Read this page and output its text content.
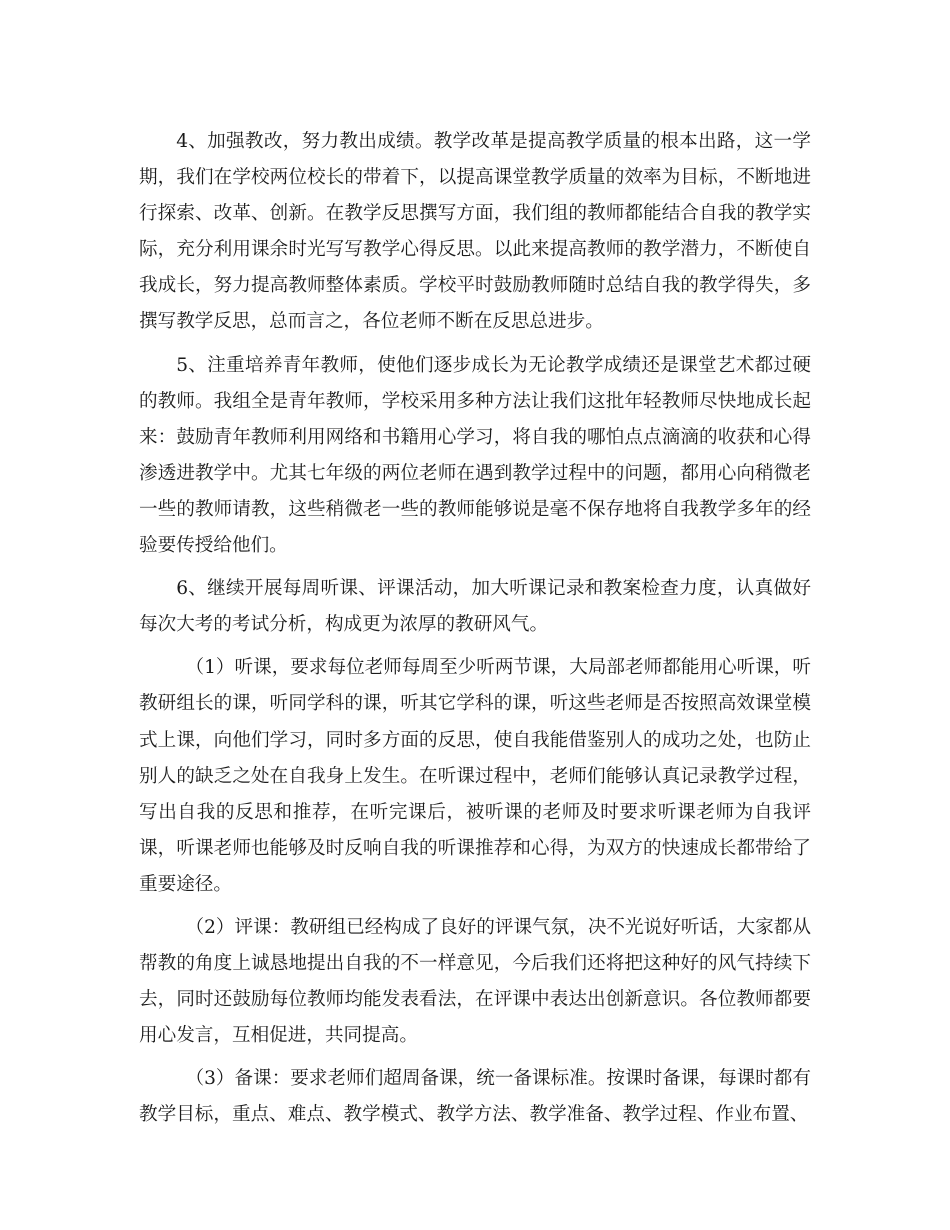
4、加强教改，努力教出成绩。教学改革是提高教学质量的根本出路，这一学期，我们在学校两位校长的带着下，以提高课堂教学质量的效率为目标，不断地进行探索、改革、创新。在教学反思撰写方面，我们组的教师都能结合自我的教学实际，充分利用课余时光写写教学心得反思。以此来提高教师的教学潜力，不断使自我成长，努力提高教师整体素质。学校平时鼓励教师随时总结自我的教学得失，多撰写教学反思，总而言之，各位老师不断在反思总进步。

5、注重培养青年教师，使他们逐步成长为无论教学成绩还是课堂艺术都过硬的教师。我组全是青年教师，学校采用多种方法让我们这批年轻教师尽快地成长起来：鼓励青年教师利用网络和书籍用心学习，将自我的哪怕点点滴滴的收获和心得渗透进教学中。尤其七年级的两位老师在遇到教学过程中的问题，都用心向稍微老一些的教师请教，这些稍微老一些的教师能够说是毫不保存地将自我教学多年的经验要传授给他们。

6、继续开展每周听课、评课活动，加大听课记录和教案检查力度，认真做好每次大考的考试分析，构成更为浓厚的教研风气。

（1）听课，要求每位老师每周至少听两节课，大局部老师都能用心听课，听教研组长的课，听同学科的课，听其它学科的课，听这些老师是否按照高效课堂模式上课，向他们学习，同时多方面的反思，使自我能借鉴别人的成功之处，也防止别人的缺乏之处在自我身上发生。在听课过程中，老师们能够认真记录教学过程，写出自我的反思和推荐，在听完课后，被听课的老师及时要求听课老师为自我评课，听课老师也能够及时反响自我的听课推荐和心得，为双方的快速成长都带给了重要途径。

（2）评课：教研组已经构成了良好的评课气氛，决不光说好听话，大家都从帮教的角度上诚恳地提出自我的不一样意见，今后我们还将把这种好的风气持续下去，同时还鼓励每位教师均能发表看法，在评课中表达出创新意识。各位教师都要用心发言，互相促进，共同提高。

（3）备课：要求老师们超周备课，统一备课标准。按课时备课，每课时都有教学目标，重点、难点、教学模式、教学方法、教学准备、教学过程、作业布置、
